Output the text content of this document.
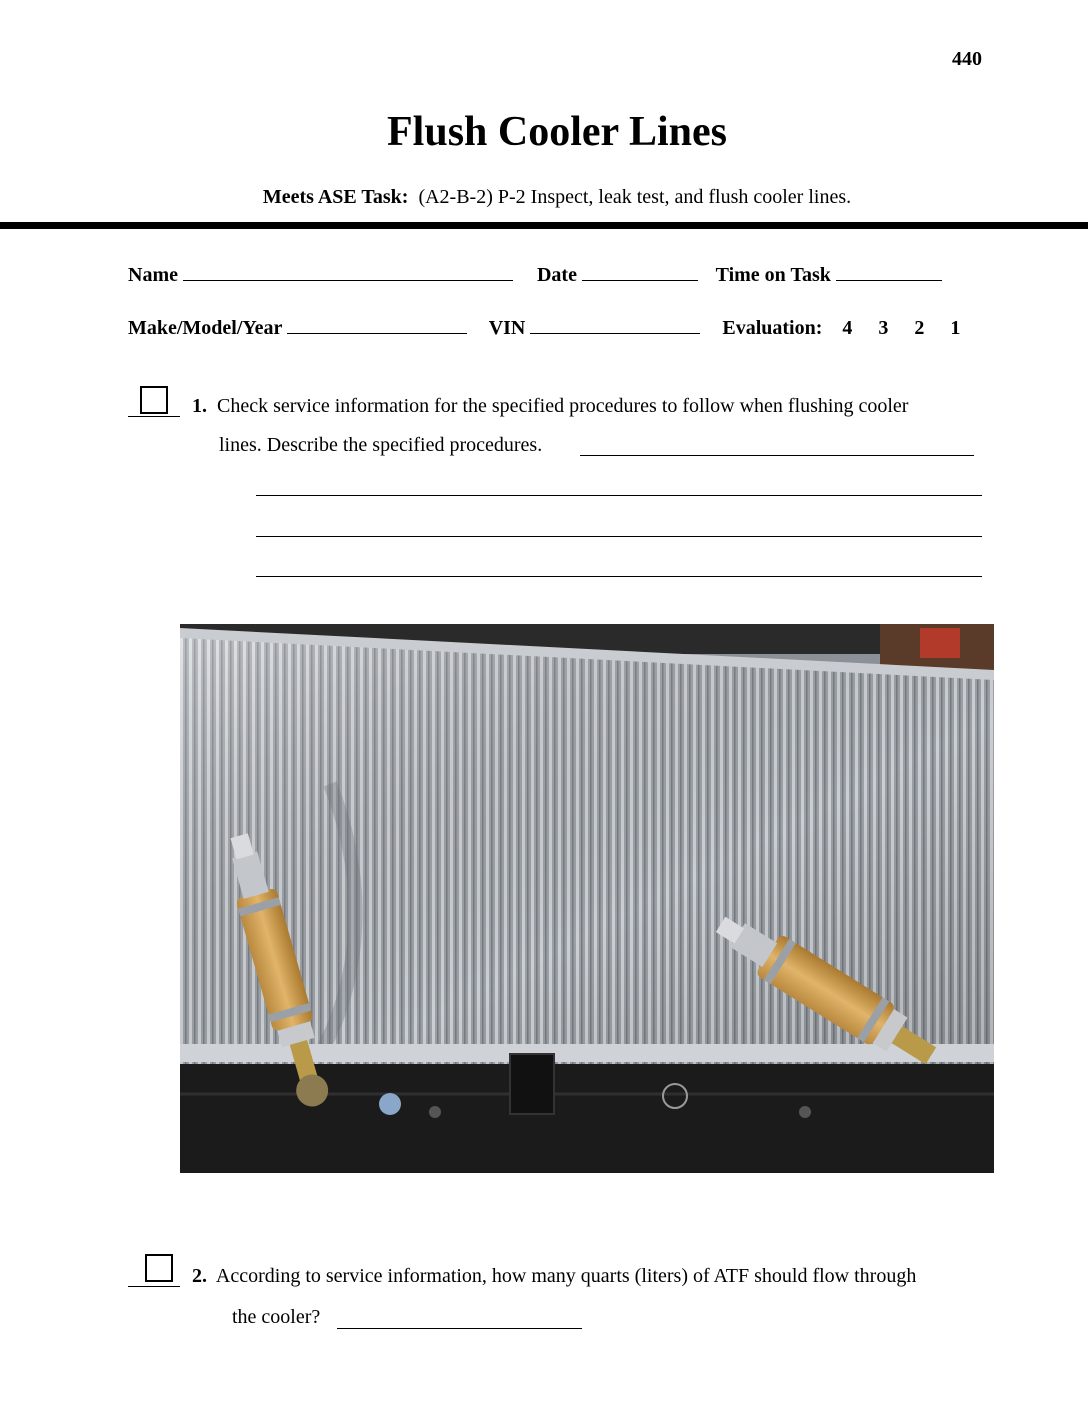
440
Flush Cooler Lines
Meets ASE Task: (A2-B-2) P-2 Inspect, leak test, and flush cooler lines.
Name	Date	Time on Task
Make/Model/Year	VIN	Evaluation: 4 3 2 1
1. Check service information for the specified procedures to follow when flushing cooler
lines. Describe the specified procedures.
2. According to service information, how many quarts (liters) of ATF should flow through
the cooler?
